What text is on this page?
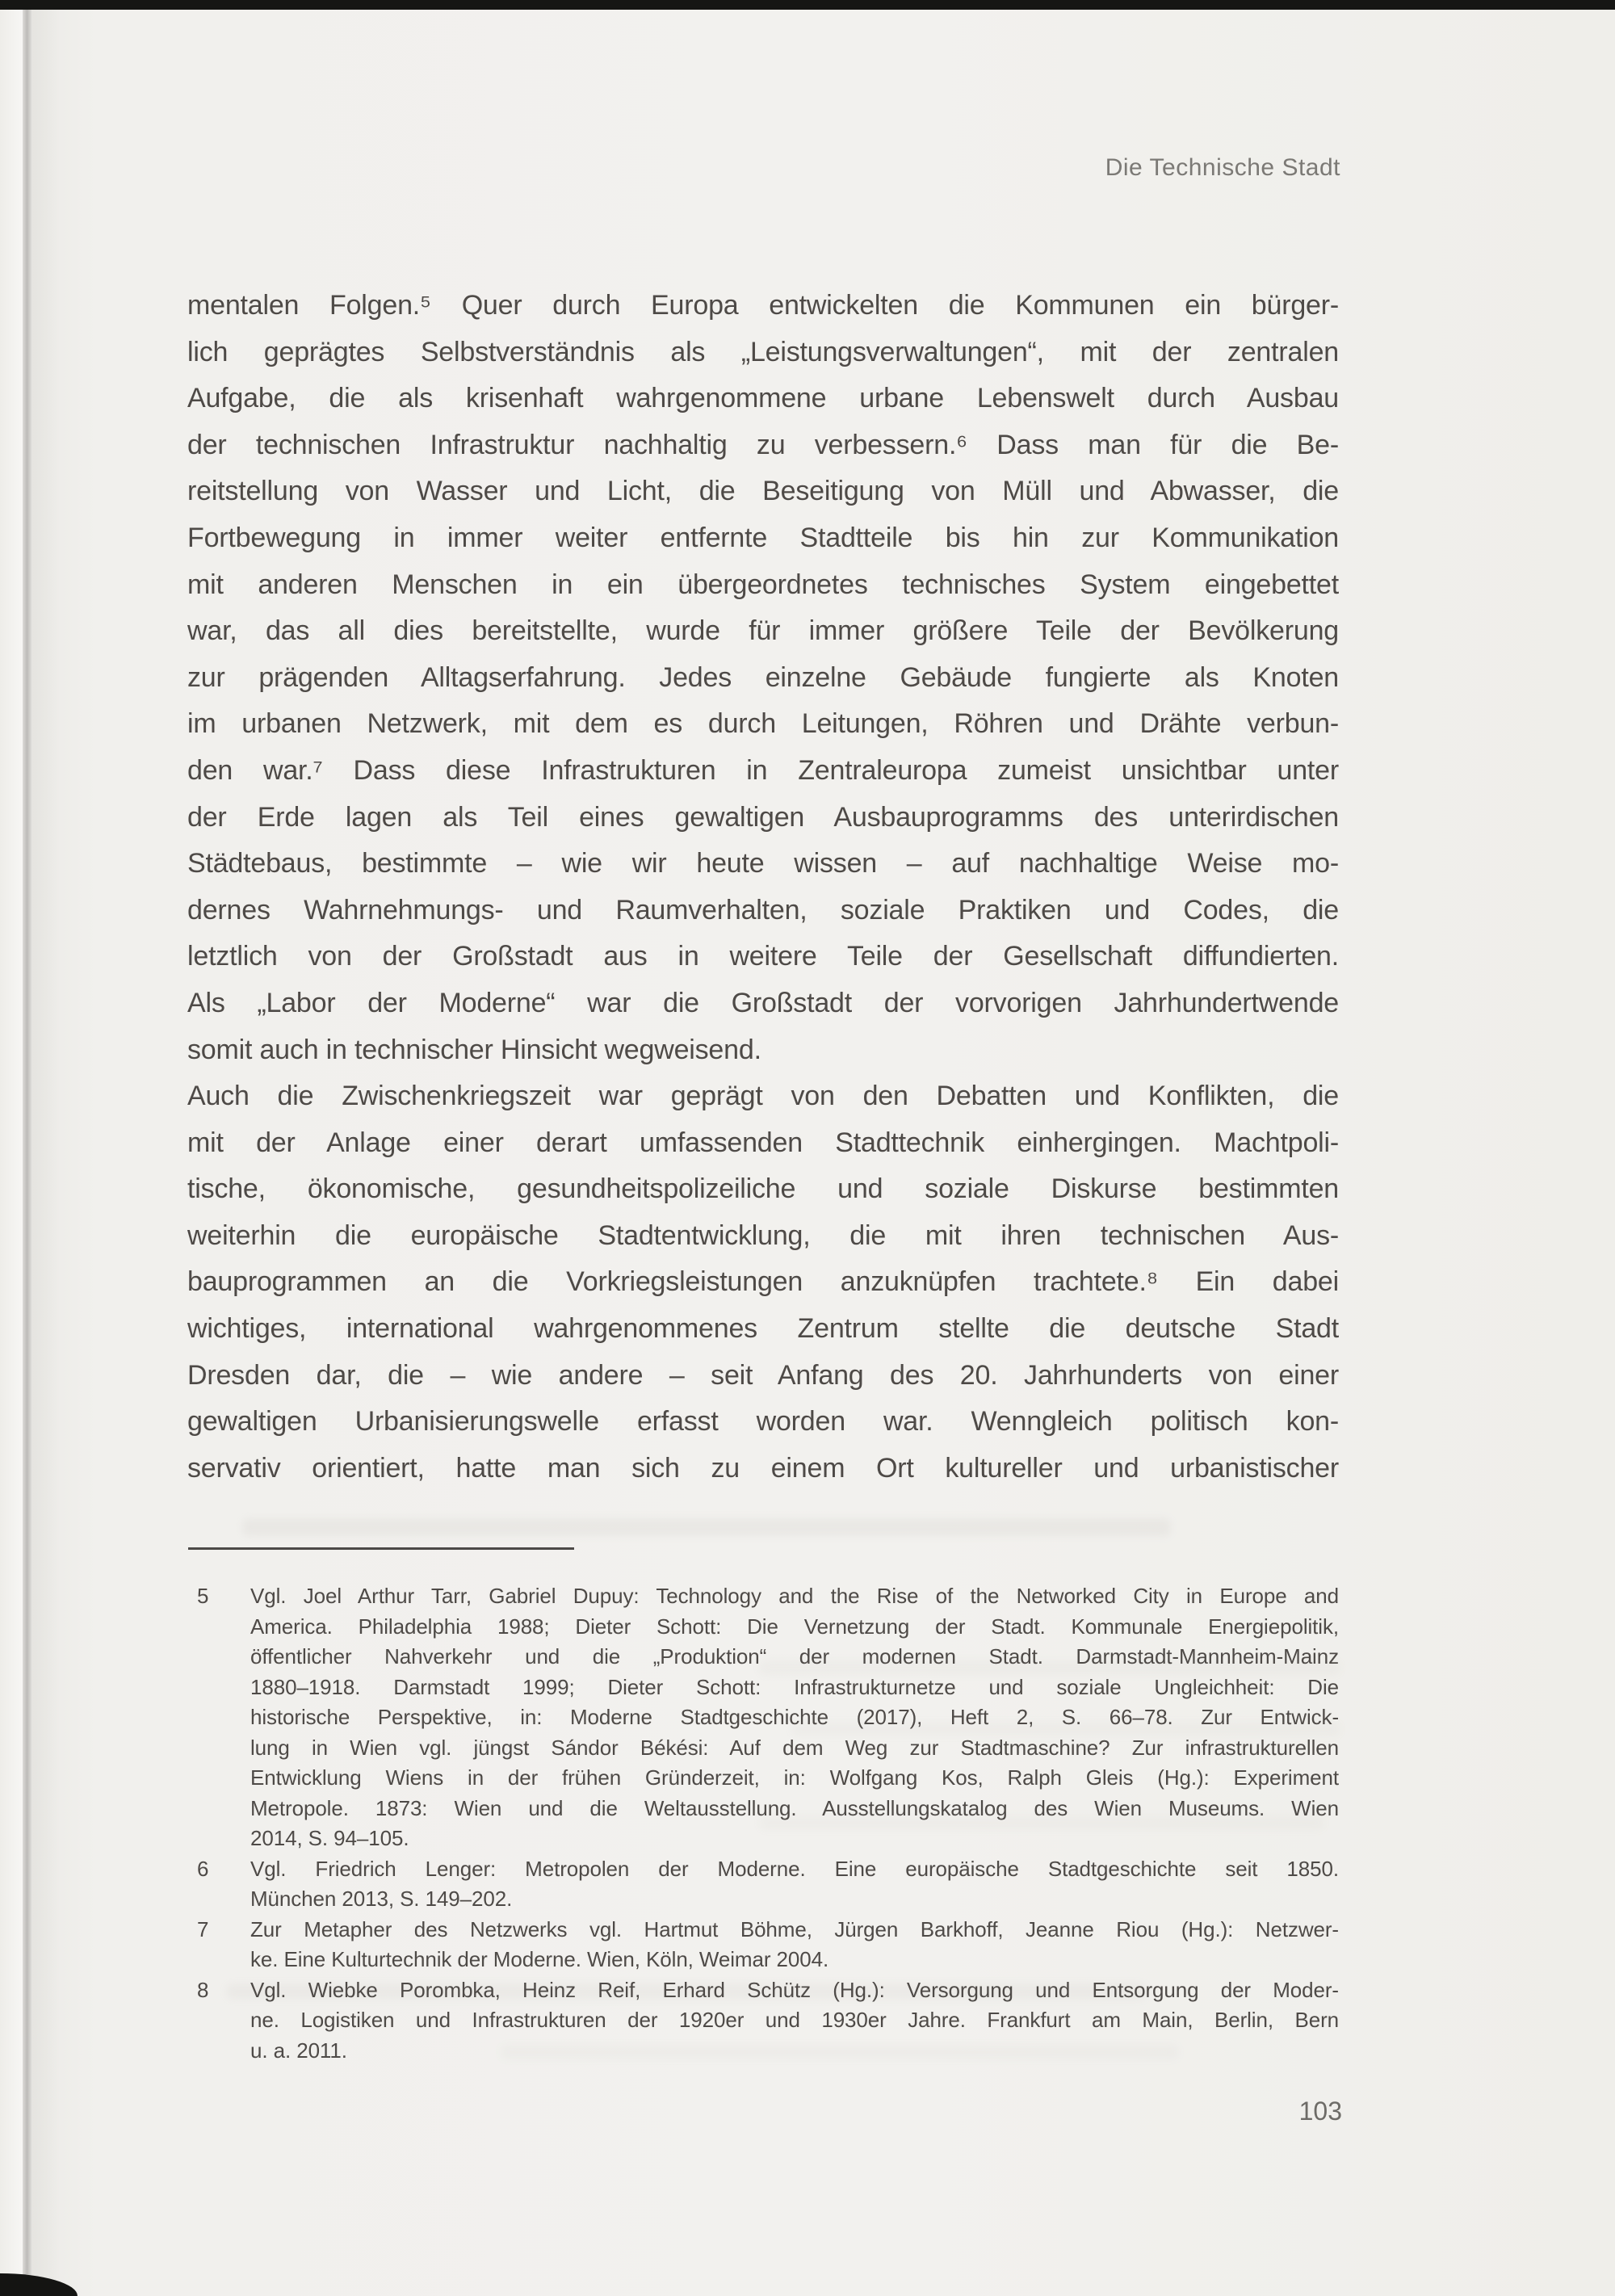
Die Technische Stadt
mentalen Folgen.⁵ Quer durch Europa entwickelten die Kommunen ein bürger-
lich geprägtes Selbstverständnis als „Leistungsverwaltungen“, mit der zentralen
Aufgabe, die als krisenhaft wahrgenommene urbane Lebenswelt durch Ausbau
der technischen Infrastruktur nachhaltig zu verbessern.⁶ Dass man für die Be-
reitstellung von Wasser und Licht, die Beseitigung von Müll und Abwasser, die
Fortbewegung in immer weiter entfernte Stadtteile bis hin zur Kommunikation
mit anderen Menschen in ein übergeordnetes technisches System eingebettet
war, das all dies bereitstellte, wurde für immer größere Teile der Bevölkerung
zur prägenden Alltagserfahrung. Jedes einzelne Gebäude fungierte als Knoten
im urbanen Netzwerk, mit dem es durch Leitungen, Röhren und Drähte verbun-
den war.⁷ Dass diese Infrastrukturen in Zentraleuropa zumeist unsichtbar unter
der Erde lagen als Teil eines gewaltigen Ausbauprogramms des unterirdischen
Städtebaus, bestimmte – wie wir heute wissen – auf nachhaltige Weise mo-
dernes Wahrnehmungs- und Raumverhalten, soziale Praktiken und Codes, die
letztlich von der Großstadt aus in weitere Teile der Gesellschaft diffundierten.
Als „Labor der Moderne“ war die Großstadt der vorvorigen Jahrhundertwende
somit auch in technischer Hinsicht wegweisend.
Auch die Zwischenkriegszeit war geprägt von den Debatten und Konflikten, die
mit der Anlage einer derart umfassenden Stadttechnik einhergingen. Machtpoli-
tische, ökonomische, gesundheitspolizeiliche und soziale Diskurse bestimmten
weiterhin die europäische Stadtentwicklung, die mit ihren technischen Aus-
bauprogrammen an die Vorkriegsleistungen anzuknüpfen trachtete.⁸ Ein dabei
wichtiges, international wahrgenommenes Zentrum stellte die deutsche Stadt
Dresden dar, die – wie andere – seit Anfang des 20. Jahrhunderts von einer
gewaltigen Urbanisierungswelle erfasst worden war. Wenngleich politisch kon-
servativ orientiert, hatte man sich zu einem Ort kultureller und urbanistischer
5 Vgl. Joel Arthur Tarr, Gabriel Dupuy: Technology and the Rise of the Networked City in Europe and
America. Philadelphia 1988; Dieter Schott: Die Vernetzung der Stadt. Kommunale Energiepolitik,
öffentlicher Nahverkehr und die „Produktion“ der modernen Stadt. Darmstadt-Mannheim-Mainz
1880–1918. Darmstadt 1999; Dieter Schott: Infrastrukturnetze und soziale Ungleichheit: Die
historische Perspektive, in: Moderne Stadtgeschichte (2017), Heft 2, S. 66–78. Zur Entwick-
lung in Wien vgl. jüngst Sándor Békési: Auf dem Weg zur Stadtmaschine? Zur infrastrukturellen
Entwicklung Wiens in der frühen Gründerzeit, in: Wolfgang Kos, Ralph Gleis (Hg.): Experiment
Metropole. 1873: Wien und die Weltausstellung. Ausstellungskatalog des Wien Museums. Wien
2014, S. 94–105.
6 Vgl. Friedrich Lenger: Metropolen der Moderne. Eine europäische Stadtgeschichte seit 1850.
München 2013, S. 149–202.
7 Zur Metapher des Netzwerks vgl. Hartmut Böhme, Jürgen Barkhoff, Jeanne Riou (Hg.): Netzwer-
ke. Eine Kulturtechnik der Moderne. Wien, Köln, Weimar 2004.
8 Vgl. Wiebke Porombka, Heinz Reif, Erhard Schütz (Hg.): Versorgung und Entsorgung der Moder-
ne. Logistiken und Infrastrukturen der 1920er und 1930er Jahre. Frankfurt am Main, Berlin, Bern
u. a. 2011.
103
